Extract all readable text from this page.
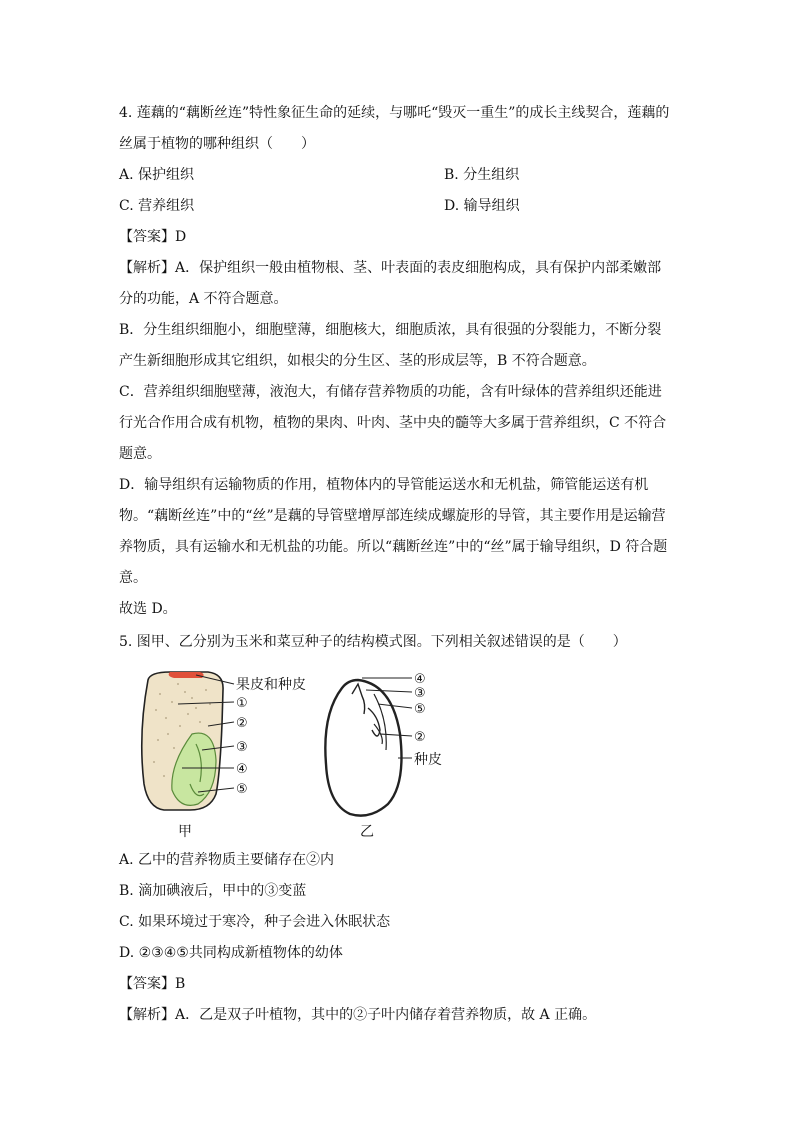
4. 莲藕的“藕断丝连”特性象征生命的延续，与哪吒“毁灭一重生”的成长主线契合，莲藕的
丝属于植物的哪种组织（　　）
A. 保护组织	B. 分生组织
C. 营养组织	D. 输导组织
【答案】D
【解析】A．保护组织一般由植物根、茎、叶表面的表皮细胞构成，具有保护内部柔嫩部
分的功能，A 不符合题意。
B．分生组织细胞小，细胞壁薄，细胞核大，细胞质浓，具有很强的分裂能力，不断分裂
产生新细胞形成其它组织，如根尖的分生区、茎的形成层等，B 不符合题意。
C．营养组织细胞壁薄，液泡大，有储存营养物质的功能，含有叶绿体的营养组织还能进
行光合作用合成有机物，植物的果肉、叶肉、茎中央的髓等大多属于营养组织，C 不符合
题意。
D．输导组织有运输物质的作用，植物体内的导管能运送水和无机盐，筛管能运送有机
物。“藕断丝连”中的“丝”是藕的导管壁增厚部连续成螺旋形的导管，其主要作用是运输营
养物质，具有运输水和无机盐的功能。所以“藕断丝连”中的“丝”属于输导组织，D 符合题
意。
故选 D。
5. 图甲、乙分别为玉米和菜豆种子的结构模式图。下列相关叙述错误的是（　　）
果皮和种皮
①
②
③
④
⑤
甲
④
③
⑤
②
种皮
乙
A. 乙中的营养物质主要储存在②内
B. 滴加碘液后，甲中的③变蓝
C. 如果环境过于寒冷，种子会进入休眠状态
D. ②③④⑤共同构成新植物体的幼体
【答案】B
【解析】A．乙是双子叶植物，其中的②子叶内储存着营养物质，故 A 正确。
